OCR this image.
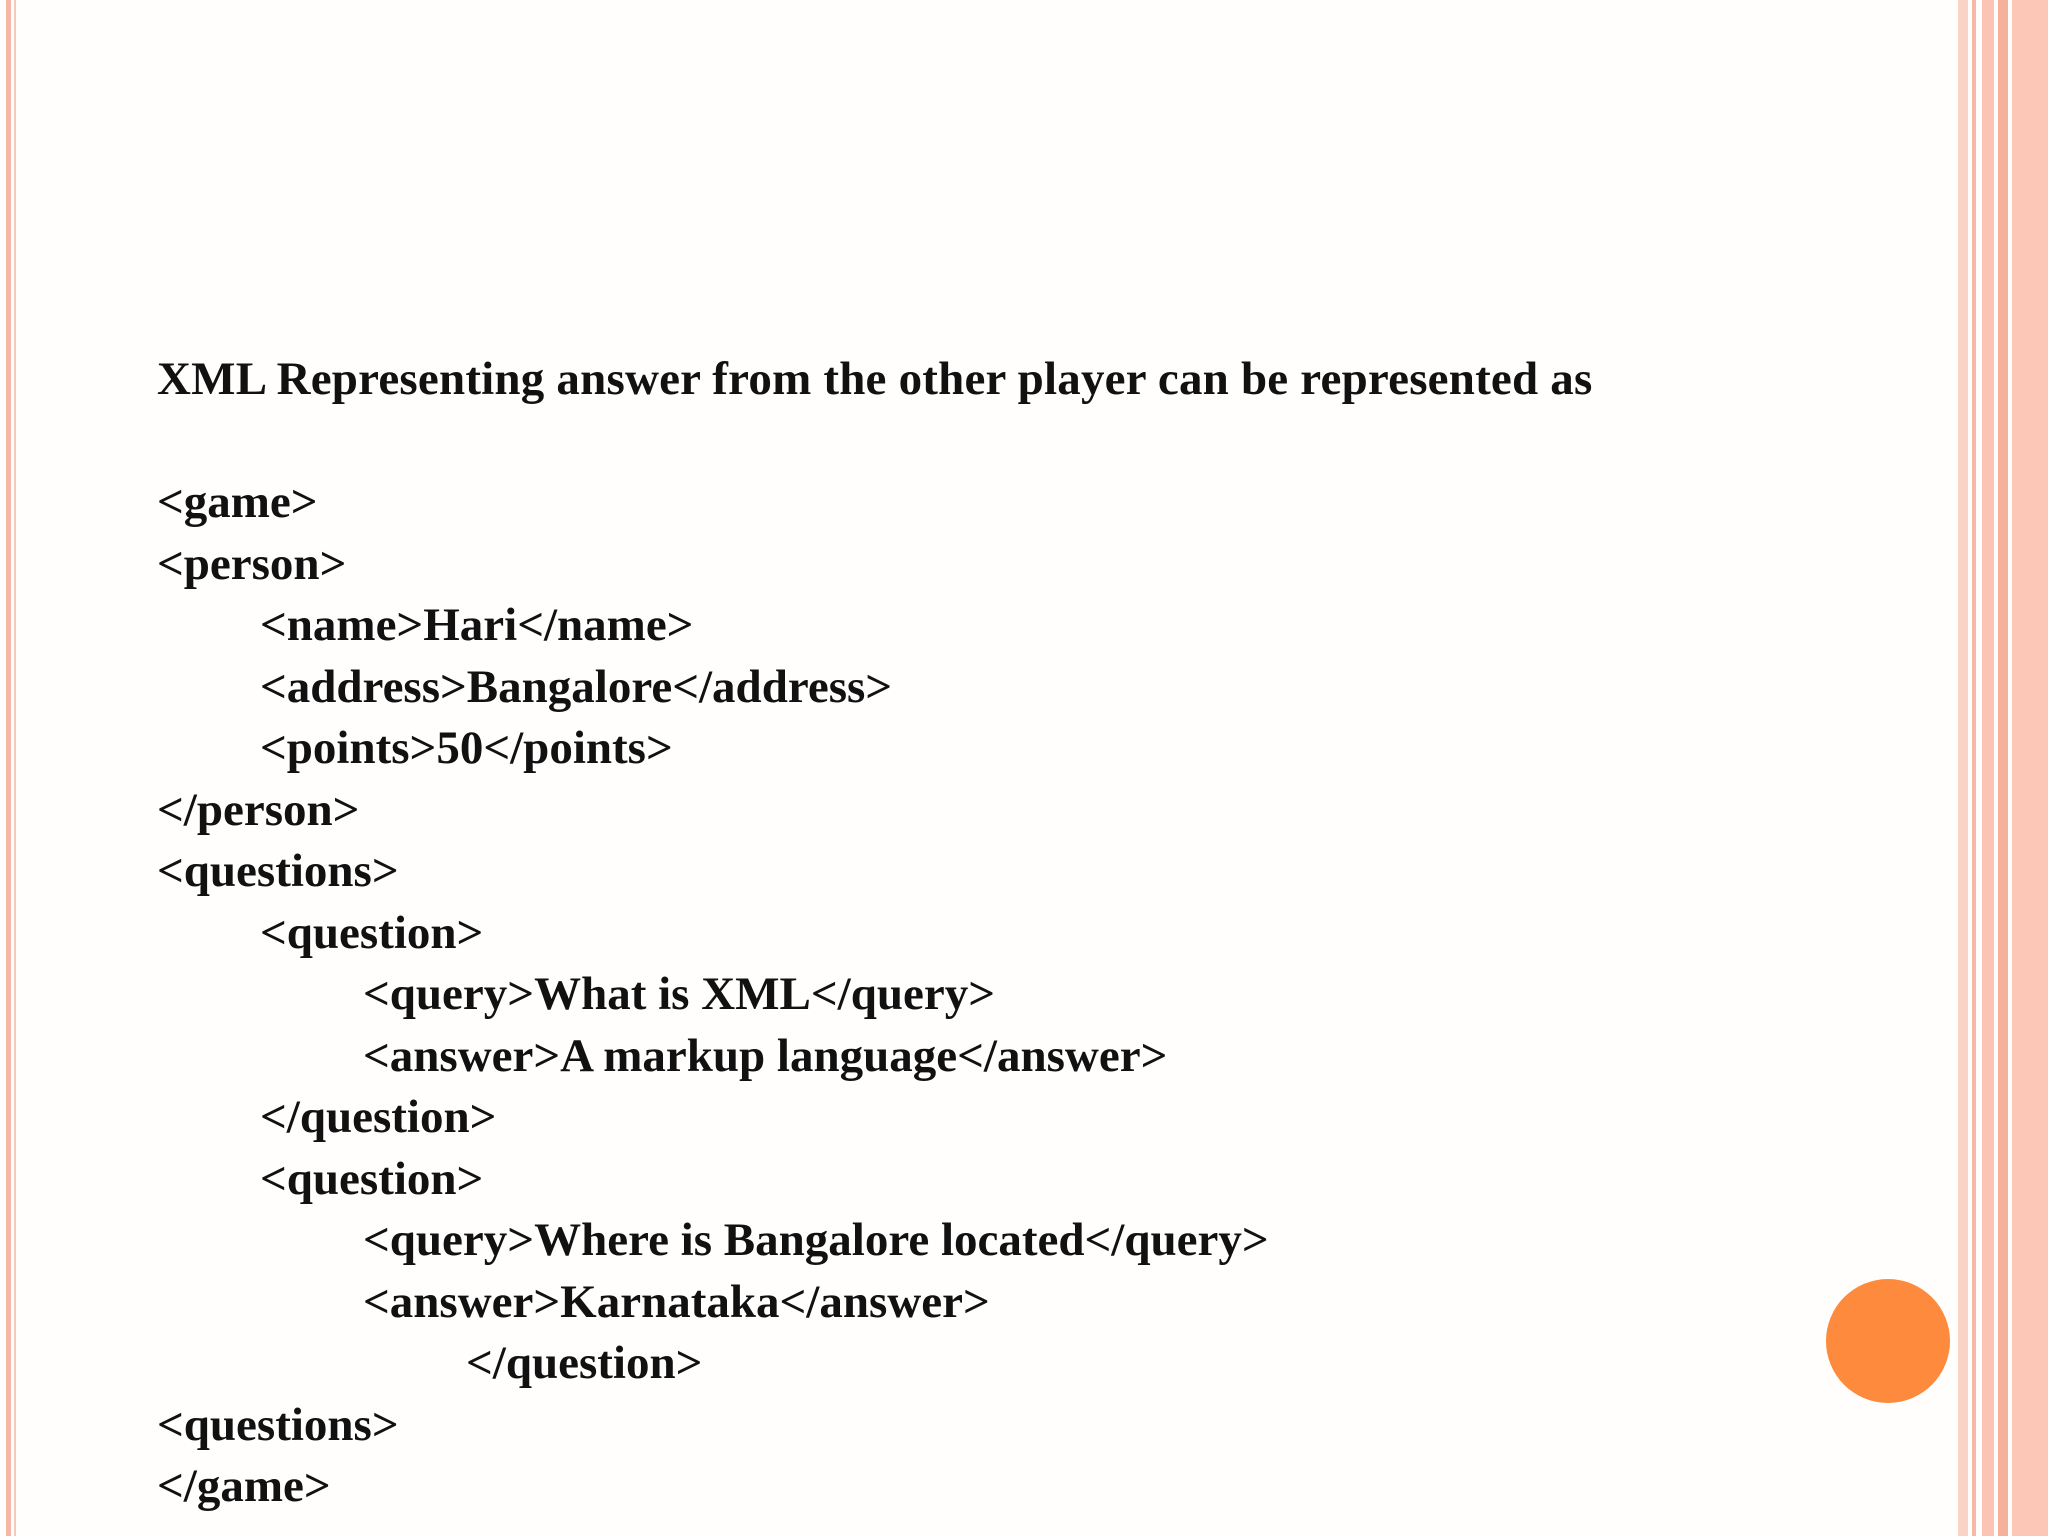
XML Representing answer from the other player can be represented as
<game>
<person>
<name>Hari</name>
<address>Bangalore</address>
<points>50</points>
</person>
<questions>
<question>
<query>What is XML</query>
<answer>A markup language</answer>
</question>
<question>
<query>Where is Bangalore located</query>
<answer>Karnataka</answer>
</question>
<questions>
</game>
